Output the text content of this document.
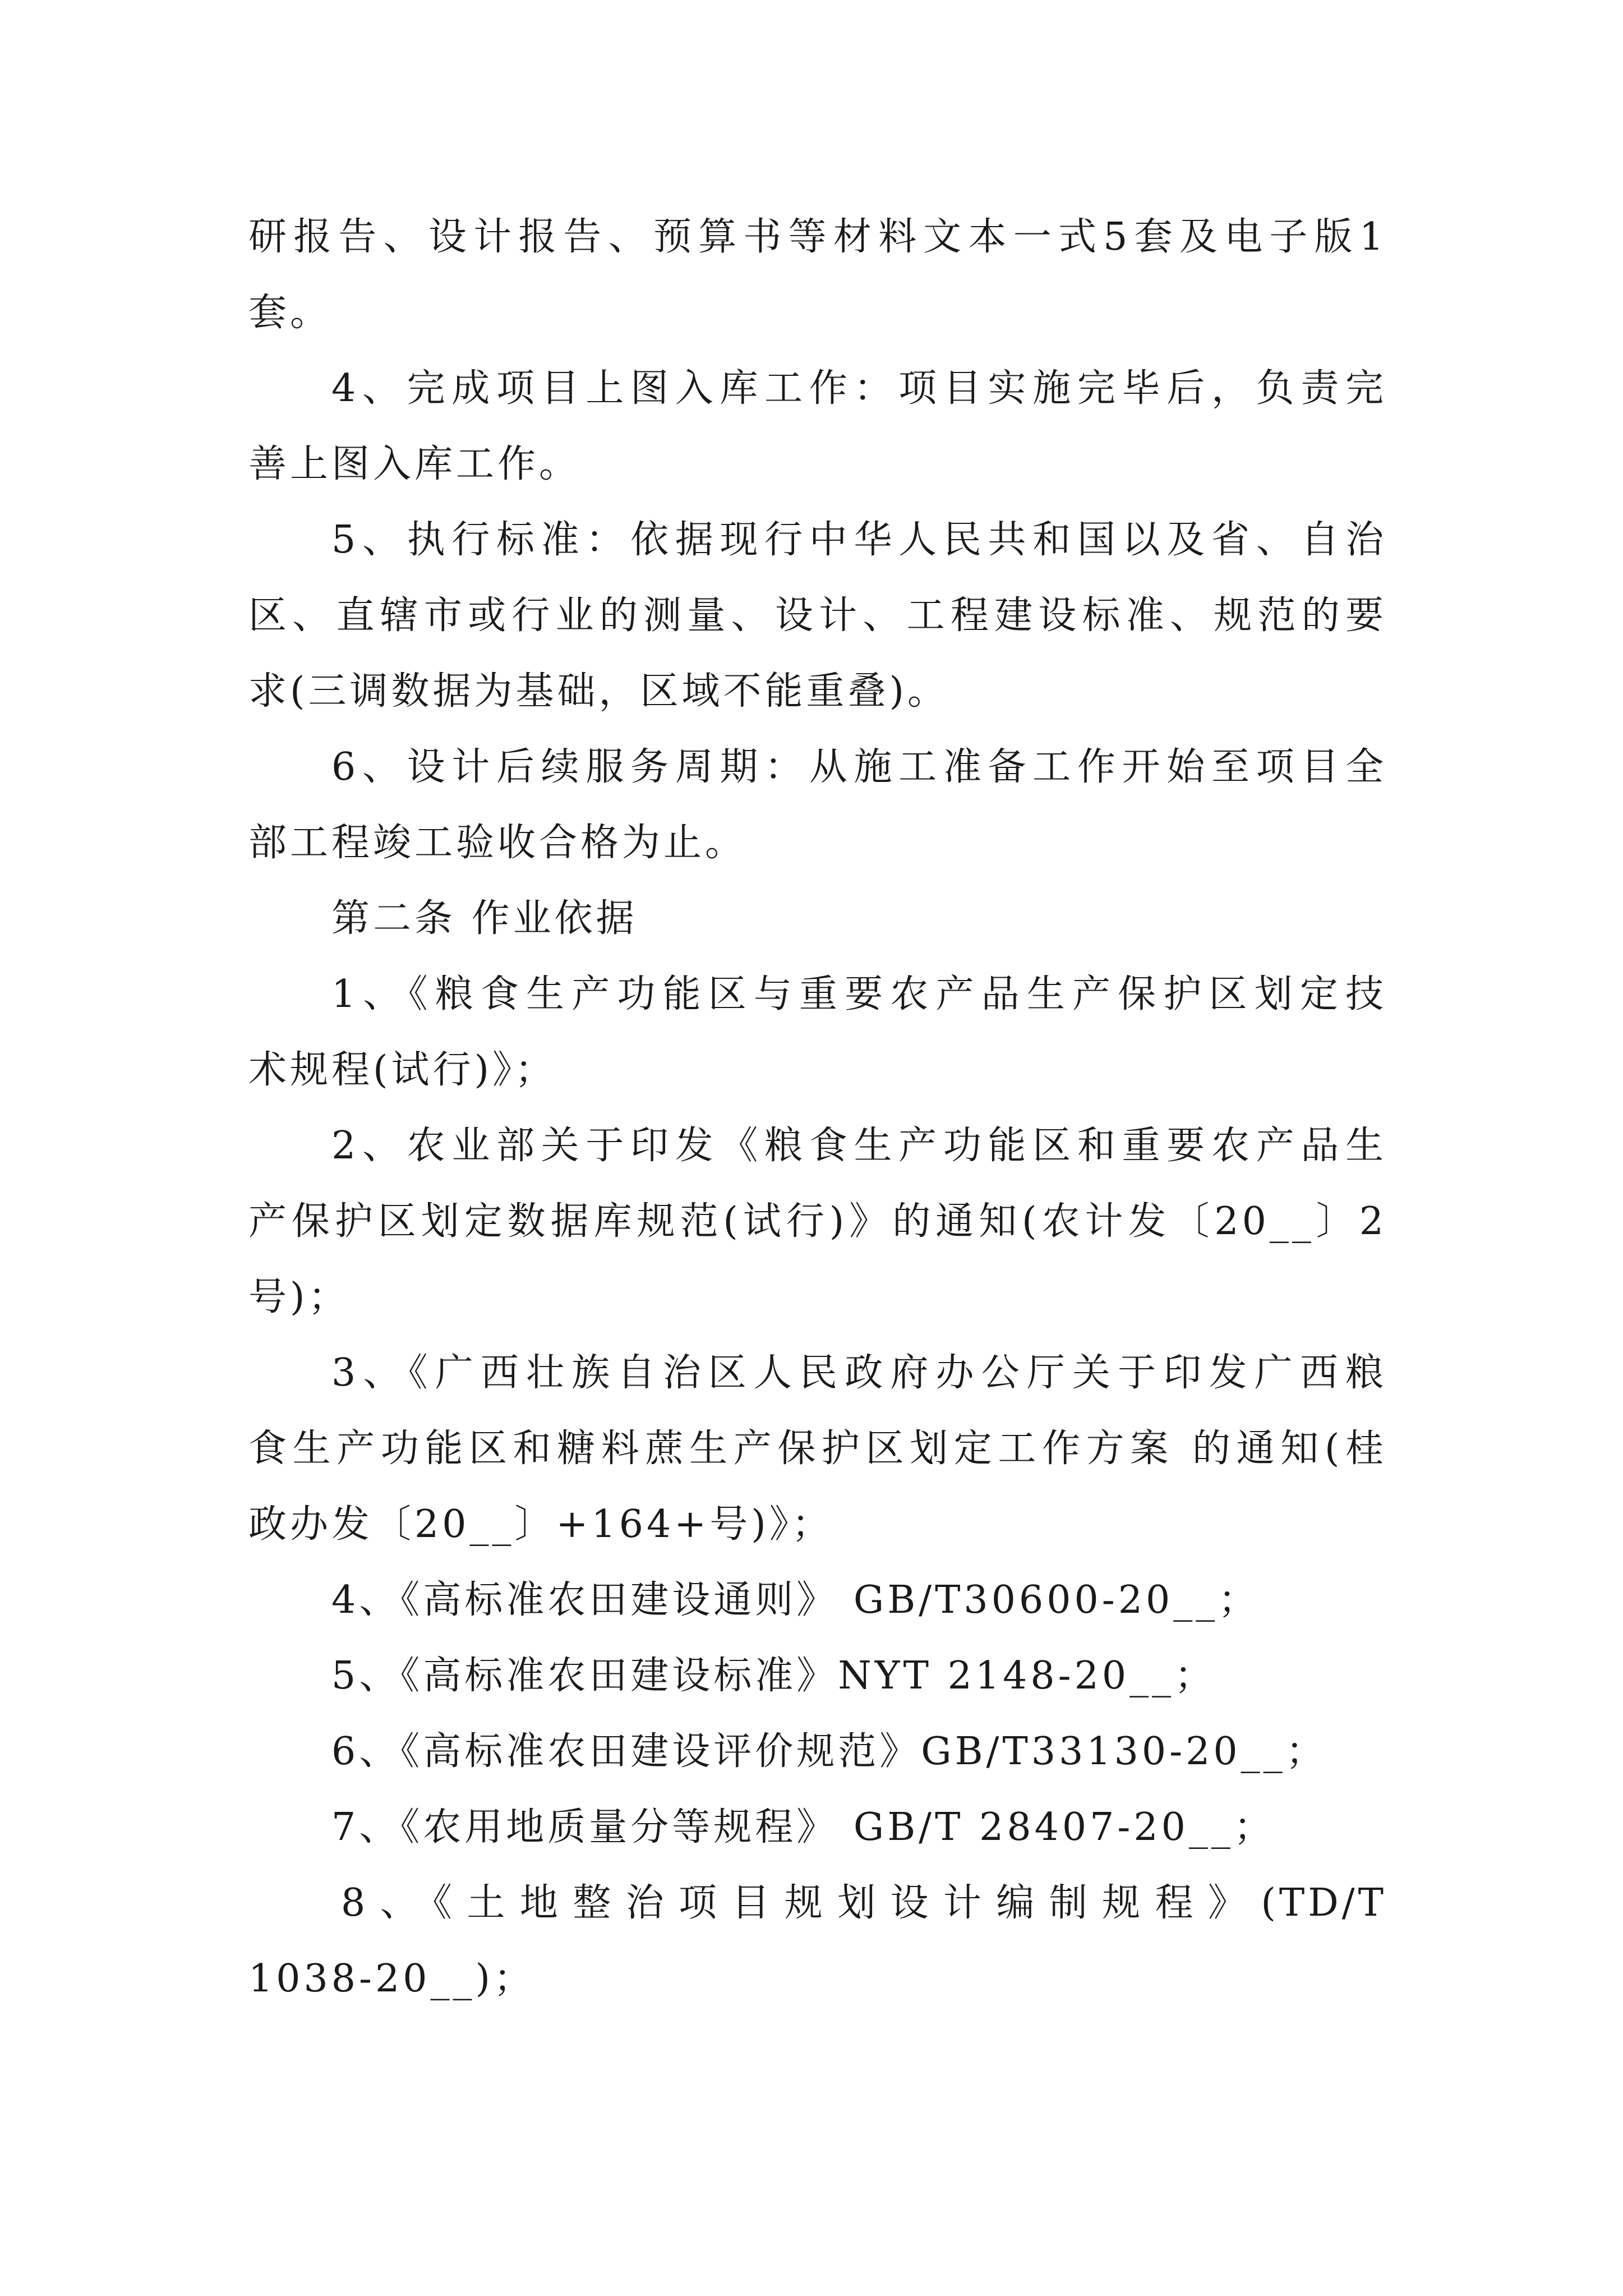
研报告、设计报告、预算书等材料文本一式5套及电子版1
套。
4、完成项目上图入库工作：项目实施完毕后，负责完
善上图入库工作。
5、执行标准：依据现行中华人民共和国以及省、自治
区、直辖市或行业的测量、设计、工程建设标准、规范的要
求(三调数据为基础，区域不能重叠)。
6、设计后续服务周期：从施工准备工作开始至项目全
部工程竣工验收合格为止。
第二条 作业依据
1、《粮食生产功能区与重要农产品生产保护区划定技
术规程(试行)》；
2、农业部关于印发《粮食生产功能区和重要农产品生
产保护区划定数据库规范(试行)》的通知(农计发〔20__〕2
号)；
3、《广西壮族自治区人民政府办公厅关于印发广西粮
食生产功能区和糖料蔗生产保护区划定工作方案 的通知(桂
政办发〔20__〕+164+号)》；
4、《高标准农田建设通则》 GB/T30600-20__；
5、《高标准农田建设标准》NYT 2148-20__；
6、《高标准农田建设评价规范》GB/T33130-20__；
7、《农用地质量分等规程》 GB/T 28407-20__；
8、《土地整治项目规划设计编制规程》(TD/T
1038-20__)；
